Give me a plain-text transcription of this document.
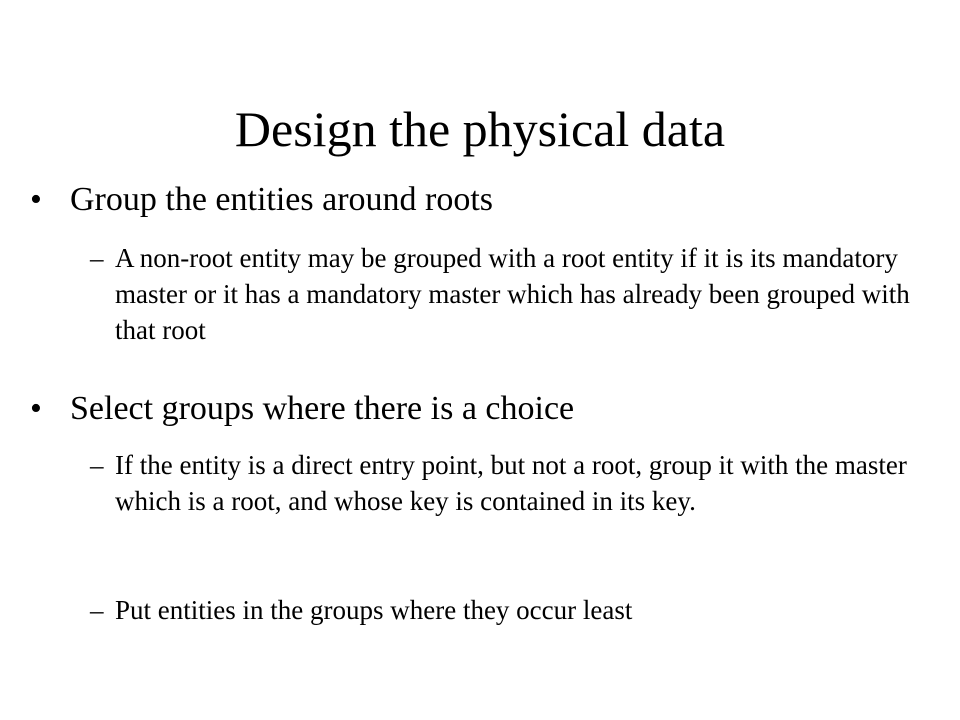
Design the physical data
• Group the entities around roots
– A non-root entity may be grouped with a root entity if it is its mandatory master or it has a mandatory master which has already been grouped with that root
• Select groups where there is a choice
– If the entity is a direct entry point, but not a root, group it with the master which is a root, and whose key is contained in its key.
– Put entities in the groups where they occur least
